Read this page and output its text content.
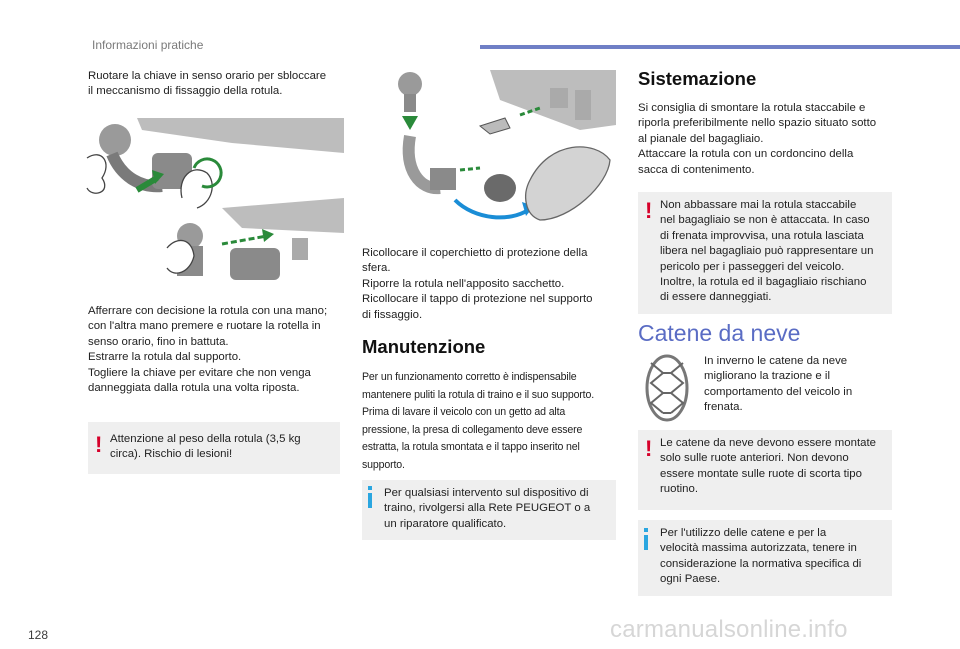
Informazioni pratiche
Ruotare la chiave in senso orario per sbloccare
il meccanismo di fissaggio della rotula.
Afferrare con decisione la rotula con una mano;
con l'altra mano premere e ruotare la rotella in
senso orario, fino in battuta.
Estrarre la rotula dal supporto.
Togliere la chiave per evitare che non venga
danneggiata dalla rotula una volta riposta.
! Attenzione al peso della rotula (3,5 kg
circa). Rischio di lesioni!
Ricollocare il coperchietto di protezione della
sfera.
Riporre la rotula nell'apposito sacchetto.
Ricollocare il tappo di protezione nel supporto
di fissaggio.
Manutenzione
Per un funzionamento corretto è indispensabile
mantenere puliti la rotula di traino e il suo supporto.
Prima di lavare il veicolo con un getto ad alta
pressione, la presa di collegamento deve essere
estratta, la rotula smontata e il tappo inserito nel
supporto.
Per qualsiasi intervento sul dispositivo di
traino, rivolgersi alla Rete PEUGEOT o a
un riparatore qualificato.
Sistemazione
Si consiglia di smontare la rotula staccabile e
riporla preferibilmente nello spazio situato sotto
al pianale del bagagliaio.
Attaccare la rotula con un cordoncino della
sacca di contenimento.
! Non abbassare mai la rotula staccabile
nel bagagliaio se non è attaccata. In caso
di frenata improvvisa, una rotula lasciata
libera nel bagagliaio può rappresentare un
pericolo per i passeggeri del veicolo.
Inoltre, la rotula ed il bagagliaio rischiano
di essere danneggiati.
Catene da neve
In inverno le catene da neve
migliorano la trazione e il
comportamento del veicolo in
frenata.
! Le catene da neve devono essere montate
solo sulle ruote anteriori. Non devono
essere montate sulle ruote di scorta tipo
ruotino.
Per l'utilizzo delle catene e per la
velocità massima autorizzata, tenere in
considerazione la normativa specifica di
ogni Paese.
128	carmanualsonline.info
